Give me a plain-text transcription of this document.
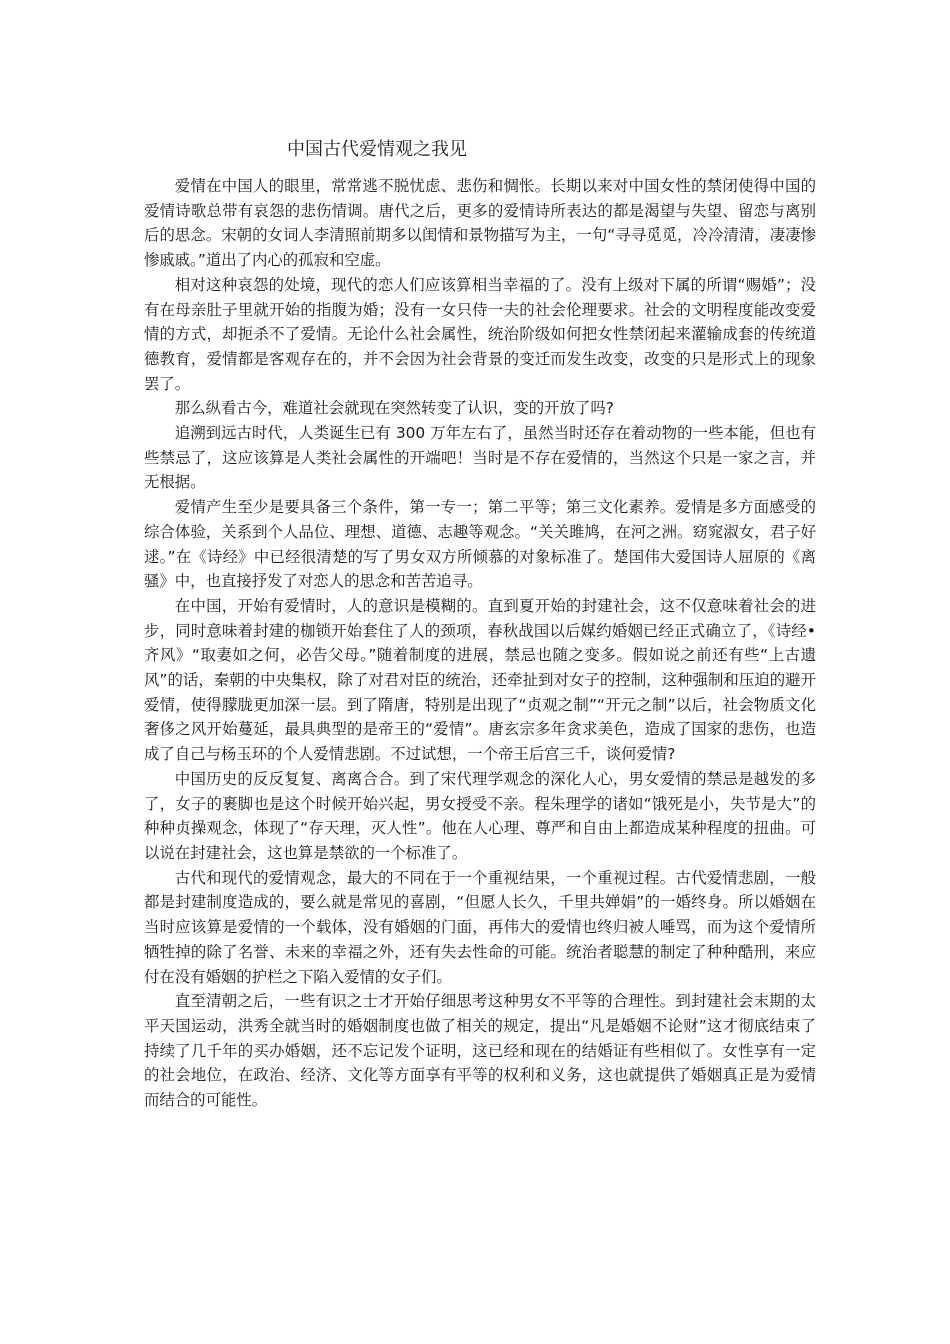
中国古代爱情观之我见

爱情在中国人的眼里，常常逃不脱忧虑、悲伤和惆怅。长期以来对中国女性的禁闭使得中国的爱情诗歌总带有哀怨的悲伤情调。唐代之后，更多的爱情诗所表达的都是渴望与失望、留恋与离别后的思念。宋朝的女词人李清照前期多以闺情和景物描写为主，一句“寻寻觅觅，冷冷清清，凄凄惨惨戚戚。”道出了内心的孤寂和空虚。

相对这种哀怨的处境，现代的恋人们应该算相当幸福的了。没有上级对下属的所谓“赐婚”；没有在母亲肚子里就开始的指腹为婚；没有一女只侍一夫的社会伦理要求。社会的文明程度能改变爱情的方式，却扼杀不了爱情。无论什么社会属性，统治阶级如何把女性禁闭起来灌输成套的传统道德教育，爱情都是客观存在的，并不会因为社会背景的变迁而发生改变，改变的只是形式上的现象罢了。

那么纵看古今，难道社会就现在突然转变了认识，变的开放了吗?

追溯到远古时代，人类诞生已有 300 万年左右了，虽然当时还存在着动物的一些本能，但也有些禁忌了，这应该算是人类社会属性的开端吧！当时是不存在爱情的，当然这个只是一家之言，并无根据。

爱情产生至少是要具备三个条件，第一专一；第二平等；第三文化素养。爱情是多方面感受的综合体验，关系到个人品位、理想、道德、志趣等观念。“关关雎鸠，在河之洲。窈窕淑女，君子好逑。”在《诗经》中已经很清楚的写了男女双方所倾慕的对象标准了。楚国伟大爱国诗人屈原的《离骚》中，也直接抒发了对恋人的思念和苦苦追寻。

在中国，开始有爱情时，人的意识是模糊的。直到夏开始的封建社会，这不仅意味着社会的进步，同时意味着封建的枷锁开始套住了人的颈项，春秋战国以后媒约婚姻已经正式确立了，《诗经•齐风》“取妻如之何，必告父母。”随着制度的进展，禁忌也随之变多。假如说之前还有些“上古遗风”的话，秦朝的中央集权，除了对君对臣的统治，还牵扯到对女子的控制，这种强制和压迫的避开爱情，使得朦胧更加深一层。到了隋唐，特别是出现了“贞观之制”“开元之制”以后，社会物质文化奢侈之风开始蔓延，最具典型的是帝王的“爱情”。唐玄宗多年贪求美色，造成了国家的悲伤，也造成了自己与杨玉环的个人爱情悲剧。不过试想，一个帝王后宫三千，谈何爱情?

中国历史的反反复复、离离合合。到了宋代理学观念的深化人心，男女爱情的禁忌是越发的多了，女子的裹脚也是这个时候开始兴起，男女授受不亲。程朱理学的诸如“饿死是小，失节是大”的种种贞操观念，体现了“存天理，灭人性”。他在人心理、尊严和自由上都造成某种程度的扭曲。可以说在封建社会，这也算是禁欲的一个标准了。

古代和现代的爱情观念，最大的不同在于一个重视结果，一个重视过程。古代爱情悲剧，一般都是封建制度造成的，要么就是常见的喜剧，“但愿人长久，千里共婵娟”的一婚终身。所以婚姻在当时应该算是爱情的一个载体，没有婚姻的门面，再伟大的爱情也终归被人唾骂，而为这个爱情所牺牲掉的除了名誉、未来的幸福之外，还有失去性命的可能。统治者聪慧的制定了种种酷刑，来应付在没有婚姻的护栏之下陷入爱情的女子们。

直至清朝之后，一些有识之士才开始仔细思考这种男女不平等的合理性。到封建社会末期的太平天国运动，洪秀全就当时的婚姻制度也做了相关的规定，提出“凡是婚姻不论财”这才彻底结束了持续了几千年的买办婚姻，还不忘记发个证明，这已经和现在的结婚证有些相似了。女性享有一定的社会地位，在政治、经济、文化等方面享有平等的权利和义务，这也就提供了婚姻真正是为爱情而结合的可能性。
